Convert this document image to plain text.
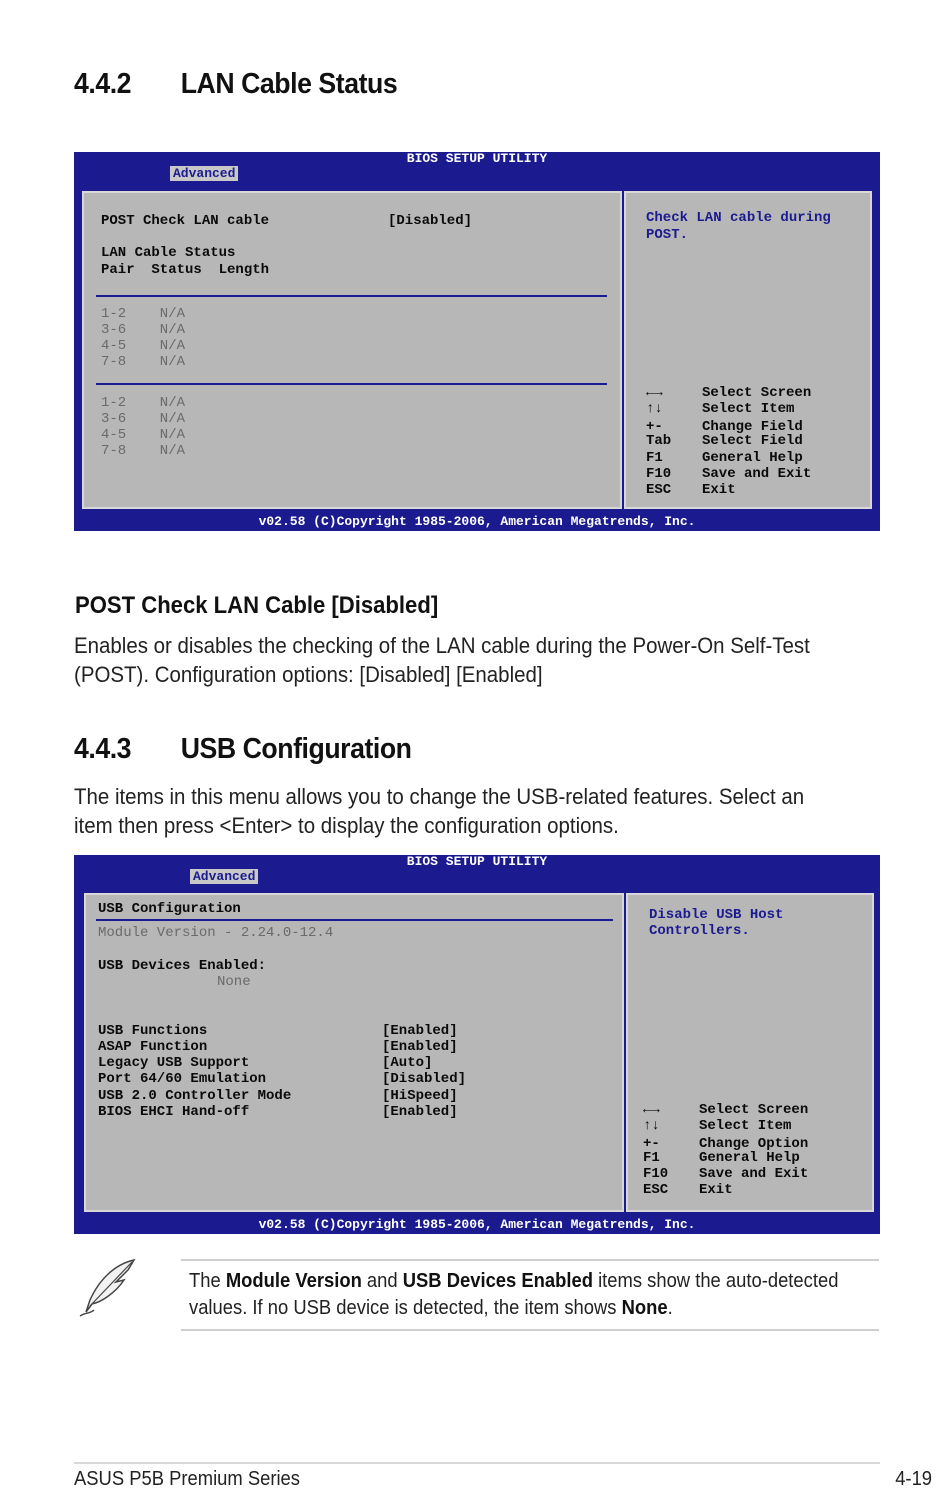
4.4.2 LAN Cable Status
BIOS SETUP UTILITY
Advanced
POST Check LAN cable	[Disabled]
LAN Cable Status
Pair  Status  Length
1-2    N/A
3-6    N/A
4-5    N/A
7-8    N/A
1-2    N/A
3-6    N/A
4-5    N/A
7-8    N/A
Check LAN cable during
POST.
←→	Select Screen
↑↓	Select Item
+-	Change Field
Tab Select Field
F1	General Help
F10 Save and Exit
ESC Exit
v02.58 (C)Copyright 1985-2006, American Megatrends, Inc.
POST Check LAN Cable [Disabled]
Enables or disables the checking of the LAN cable during the Power-On Self-Test
(POST). Configuration options: [Disabled] [Enabled]
4.4.3 USB Configuration
The items in this menu allows you to change the USB-related features. Select an
item then press <Enter> to display the configuration options.
BIOS SETUP UTILITY
Advanced
USB Configuration
Module Version - 2.24.0-12.4
USB Devices Enabled:
None
USB Functions	[Enabled]
ASAP Function	[Enabled]
Legacy USB Support	[Auto]
Port 64/60 Emulation	[Disabled]
USB 2.0 Controller Mode	[HiSpeed]
BIOS EHCI Hand-off	[Enabled]
Disable USB Host
Controllers.
←→	Select Screen
↑↓	Select Item
+-	Change Option
F1	General Help
F10 Save and Exit
ESC Exit
v02.58 (C)Copyright 1985-2006, American Megatrends, Inc.
The Module Version and USB Devices Enabled items show the auto-detected
values. If no USB device is detected, the item shows None.
ASUS P5B Premium Series	4-19
